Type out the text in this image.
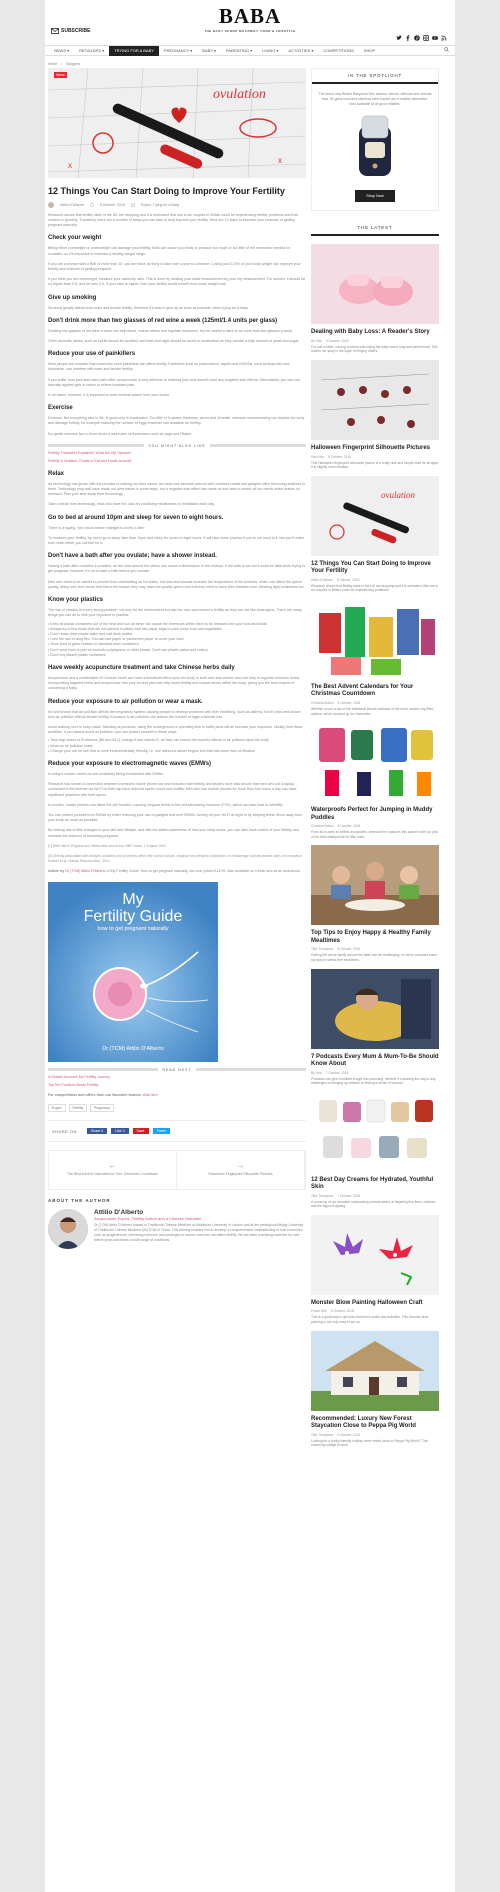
SUBSCRIBE
BABA
THE DAILY SCOOP ON FAMILY, FOOD & LIFESTYLE
NEWS ▾	RETAILERS ▾	TRYING FOR A BABY	PREGNANCY ▾	BABY ▾	PARENTING ▾	LIVING ▾	ACTIVITIES ▾	COMPETITIONS	SHOP
Home / Bloggers
ovulation
x
x
News
12 Things You Can Start Doing to Improve Your Fertility
Attilio D'Alberto	8 October, 2018	Expert, Trying for A Baby

Research shows that fertility rates in the UK are dropping and it is estimated that one in six couples in Britain could be experiencing fertility problems and their number is growing. Thankfully, there are a number of steps you can take to help improve your fertility. Here are 12 ways to increase your chances of getting pregnant naturally:

Check your weight

Being either overweight or underweight can damage your fertility. Both can cause your body to produce too much or too little of the hormones needed for ovulation, so it's important to maintain a healthy weight range.

If you are a woman with a BMI of more than 30, you are twice as likely to take over a year to conceive. Losing just 5-10% of your body weight can improve your fertility and chances of getting pregnant.

If you think you are overweight, measure your waist-hip ratio. This is done by dividing your waist measurement by your hip measurement. For women, it should be no higher than 0.8, and for men 0.9. If your ratio is higher, then your fertility would benefit from some weight loss.

Give up smoking

Smoking greatly affects both male and female fertility, therefore it's best to give up as soon as possible, when trying for a baby.

Don't drink more than two glasses of red wine a week (125ml/1.4 units per glass)

Drinking two glasses of red wine a week can help blood, reduce stress and regulate hormones, but be careful to stick to no more than two glasses a week.

Other alcoholic drinks, such as spirits should be avoided, and beer and lager should be drunk in moderation as they contain a high amount of yeast and sugar.

Reduce your use of painkillers

Most people are unaware that commonly used painkillers can affect fertility. Painkillers such as paracetamol, aspirin and NSAIDs, such as ibuprofen and diclofenac, can interfere with male and female fertility.

If you suffer from pain and need pain relief, acupuncture is very effective at relieving pain and doesn't have any negative side effects. Alternatively, you can use topically applied gels or balms to relieve localised pain.

In all cases, however, it is important to seek medical advice from your doctor.

Exercise

Exercise, like everything else in life, is good only in moderation. Too little of it causes tiredness, stress and ill health, whereas overexercising can deplete the body and damage fertility, for example reducing the number of eggs a woman has available for fertility.

Do gentle exercise two to three times a week plus self-exercises such as yoga and Pilates.

YOU MIGHT ALSO LIKE
Fertility Treatment Explained: What Are My Options?
Fertility & Nutrition: Foods to Eat and Foods to Avoid
Relax

As technology has grown with the promise of making our lives easier, we have now become overrun with constant emails and gadgets often becoming addicted to them. Technology may well have made our lives easier in some ways, but a negative side effect has made us less able to switch off our minds which makes us stressed. Plan your time away from technology.

Take a break from technology, relax and have fun. Also try practising mindfulness or meditation each day.

Go to bed at around 10pm and sleep for seven to eight hours.

There is a saying, 'two hours before midnight is worth 4 after'.

To enhance your fertility, try not to go to sleep later than 10pm and sleep for seven to eight hours. It will take some practice if you're not used to it, but you'll notice how much better you will feel for it.

Don't have a bath after you ovulate; have a shower instead.

Having a bath after ovulation in practice, as the heat around the uterus can cause a disturbance to the embryo. If the bath is too hot it could be fatal when trying to get pregnant, however, it's ok to have a bath before you ovulate.

Men also need to be careful to prevent from overheating as hot baths, hot tubs and saunas increase the temperature of the testicles, which can affect the sperm quality. Many men don't know that this is the reason they may have low-quality sperm and that they need to keep their testicles cool. Wearing tight underwear too.

Know your plastics

The use of plastics is a very strong problem, not only for the environment but also for men and women's fertility as they can act like oestrogens. There are many things you can do to limit your exposure to plastics:

• Keep all plastic containers out of the heat and sun as these can cause the chemicals within them to be released into your food and fluids
• Always try to buy foods that are not packed in plastic and use paper bags to pack loose food and vegetables
• Don't reuse clear plastic water and soft drink bottles
• Limit the use of cling film. You can use paper or parchment paper to cover your food
• Store food in glass vessels or stainless-steel containers
• Don't wear food or put hot food into polystyrene or other plastic. Don't use plastic plates and cutlery
• Don't buy bleach plastic containers
Have weekly acupuncture treatment and take Chinese herbs daily

Acupuncture and a combination of Chinese herbs can have a beneficial effect upon the body in both men and women and can help to regulate hormone levels. Incorporating targeted herbs and acupuncture into your current plan can help boost fertility and reduce stress within the body, giving you the best chance of conceiving a baby.

Reduce your exposure to air pollution or wear a mask.

It's well known that air pollution affects the respiratory system causing people to develop problems with their breathing, such as asthma, but it's less well known how air pollution affects female fertility. Exposure to air pollution can reduce the number of eggs a woman has.

Avoid walking next to busy roads. Standing at junctions, using the underground or spending time in traffic jams will all increase your exposure. Ideally, limit these activities. If you cannot avoid air pollution, you can protect yourself in these ways:

• Take high doses of B vitamins (B6 and B12), omega-3 and vitamin E, as they can reduce the harmful effects of air pollution upon the body
• Wear an air pollution mask
• Change your car for one that is more environmentally friendly, i.e. one without a diesel engine and that has some form of filtration
Reduce your exposure to electromagnetic waves (EMWs)

In today's modern world we are constantly being bombarded with EMWs.

Research has shown a connection between increased mobile phone use and reduced male fertility and studies have also shown that men who put a laptop connected to the internet via Wi-Fi on their lap have reduced sperm count and motility. Men who use mobile phones for more than four hours a day can have significant problems with their sperm.

In women, mobile phones can affect the cell function, causing irregular levels of the cell-stimulating hormone (FSH), which can also lead to infertility.

You can protect yourself from EMWs by either reducing your use of gadgets that emit EMWs, turning off your Wi-Fi at night or by keeping these items away from your body as much as possible.

By making lots of little changes to your diet and lifestyle, and with the added awareness of how your body works, you can take back control of your fertility and increase the chances of becoming pregnant.

[1] Birth rate in England and Wales falls record low, BBC News, 1 August 2018
[2] Obesity associated with delayed ovulation and problems within the human oocyte, ranging from delayed conception, to miscarriage and decreased rates of conception. Robker et al. Human Reproduction, 2014.

Article by Dr (TCM) Attilio D'Alberto of My Fertility Guide: How to get pregnant naturally, out now, priced £14.99. Also available on Kindle and as an audiobook.

My
Fertility Guide
how to get pregnant naturally
Dr (TCM) Attilio D'Alberto
READ NEXT
A Reader Account: My Fertility Journey
Top Ten Foods to Boost Fertility

For competitions and offers from our favourite brands, click here

Expert	Fertility	Pregnancy
SHARE ON	Share 0	Like 0	Save	Tweet
←
The Best Advent Calendars for Your Christmas Countdown
→
Halloween Fingerprint Silhouette Pictures
ABOUT THE AUTHOR
Attilio D'Alberto
Acupuncture Expert, Fertility Author and a Chinese Herbalist

Dr (TCM) Attilio D'Alberto trained in Traditional Chinese Medicine at Middlesex University in London and at the prestigious Beijing University of Traditional Chinese Medicine (BUTCM) in China. This training enabled him to develop a comprehensive understanding of how hormones such as progesterone, luteinising hormone and oestrogen in women and men can affect fertility. He has been practising medicine for over twelve years and treats a wide range of conditions.

IN THE SPOTLIGHT

The brand new Beaba Babycook Neo steams, blends, defrosts and reheats food. Its glass bowl and stainless steel basket are a healthy alternative. Now available at all good retailers.

Shop Now
THE LATEST
Dealing with Baby Loss: A Reader's Story
By Yala 8 October, 2018

For one mother, coming to terms with losing her baby was a long and painful road. She shares her story in the hope of helping others.

Halloween Fingerprint Silhouette Pictures
Dani Niro 8 October, 2018

This Halloween fingerprint silhouette picture is a really nice and simple craft for all ages. It is slightly more creative.

ovulation
12 Things You Can Start Doing to Improve Your Fertility
Attilio D'Alberto 8 October, 2018

Research shows that fertility rates in the UK are dropping and it is estimated that one in six couples in Britain could be experiencing problems.

The Best Advent Calendars for Your Christmas Countdown
Christina Bolton 8 October, 2018

Whether you're a fan of the traditional picture calendar or the more modern toy-filled options, we've rounded up our favourites.

Waterproofs Perfect for Jumping in Muddy Puddles
Christina Bolton 8 October, 2018

From all-in-ones to wellies and jackets, embrace the outdoors this autumn with our pick of the best waterproofs for little ones.

Top Tips to Enjoy Happy & Healthy Family Mealtimes
Tillie Thompson 8 October, 2018

Getting the whole family around the table can be challenging, so we've compiled some top tips for stress-free mealtimes.

7 Podcasts Every Mum & Mum-To-Be Should Know About
By Yala 7 October, 2018

Podcasts can give a brilliant insight into parenting, whether it's tackling the day-to-day challenges of bringing up children or finding a sense of humour.

12 Best Day Creams for Hydrated, Youthful Skin
Tillie Thompson 7 October, 2018

A round-up of our favourite moisturising creams aimed at targeting fine lines, wrinkles and the signs of ageing.

Monster Blow Painting Halloween Craft
Frazer Niro 6 October, 2018

This is a great way to get kids involved in crafts and activities. This monster blow painting is not only easy to set up.

Recommended: Luxury New Forest Staycation Close to Peppa Pig World
Tillie Thompson 5 October, 2018

Looking for a family-friendly holiday home break close to Peppa Pig World? This charming cottage is ideal.
